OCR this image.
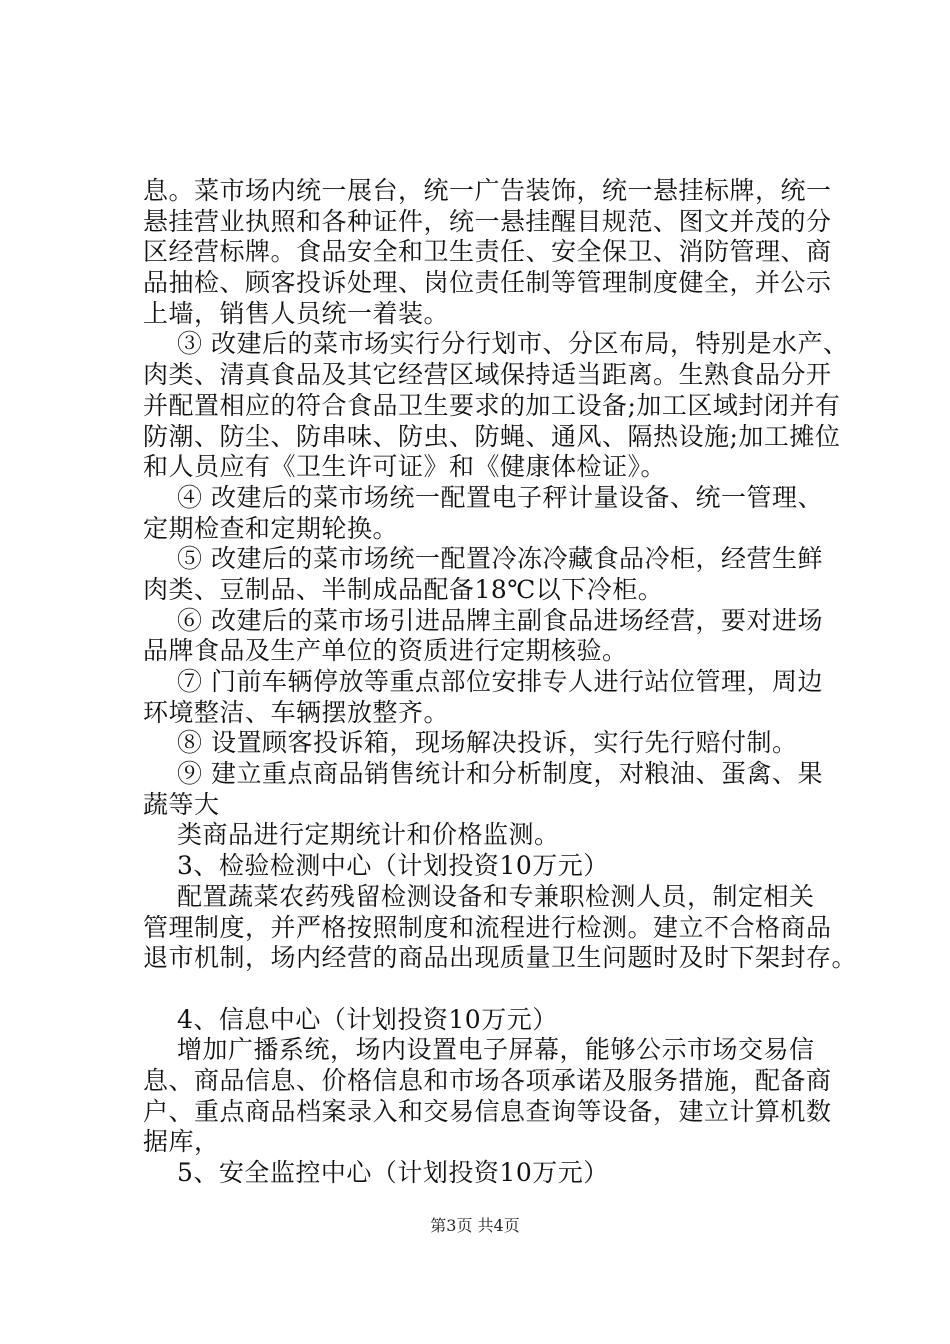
息。菜市场内统一展台，统一广告装饰，统一悬挂标牌，统一
悬挂营业执照和各种证件，统一悬挂醒目规范、图文并茂的分
区经营标牌。食品安全和卫生责任、安全保卫、消防管理、商
品抽检、顾客投诉处理、岗位责任制等管理制度健全，并公示
上墙，销售人员统一着装。
③ 改建后的菜市场实行分行划市、分区布局，特别是水产、
肉类、清真食品及其它经营区域保持适当距离。生熟食品分开
并配置相应的符合食品卫生要求的加工设备;加工区域封闭并有
防潮、防尘、防串味、防虫、防蝇、通风、隔热设施;加工摊位
和人员应有《卫生许可证》和《健康体检证》。
④ 改建后的菜市场统一配置电子秤计量设备、统一管理、
定期检查和定期轮换。
⑤ 改建后的菜市场统一配置冷冻冷藏食品冷柜，经营生鲜
肉类、豆制品、半制成品配备18℃以下冷柜。
⑥ 改建后的菜市场引进品牌主副食品进场经营，要对进场
品牌食品及生产单位的资质进行定期核验。
⑦ 门前车辆停放等重点部位安排专人进行站位管理，周边
环境整洁、车辆摆放整齐。
⑧ 设置顾客投诉箱，现场解决投诉，实行先行赔付制。
⑨ 建立重点商品销售统计和分析制度，对粮油、蛋禽、果
蔬等大
类商品进行定期统计和价格监测。
3、检验检测中心（计划投资10万元）
配置蔬菜农药残留检测设备和专兼职检测人员，制定相关
管理制度，并严格按照制度和流程进行检测。建立不合格商品
退市机制，场内经营的商品出现质量卫生问题时及时下架封存。
4、信息中心（计划投资10万元）
增加广播系统，场内设置电子屏幕，能够公示市场交易信
息、商品信息、价格信息和市场各项承诺及服务措施，配备商
户、重点商品档案录入和交易信息查询等设备，建立计算机数
据库，
5、安全监控中心（计划投资10万元）
第3页 共4页
